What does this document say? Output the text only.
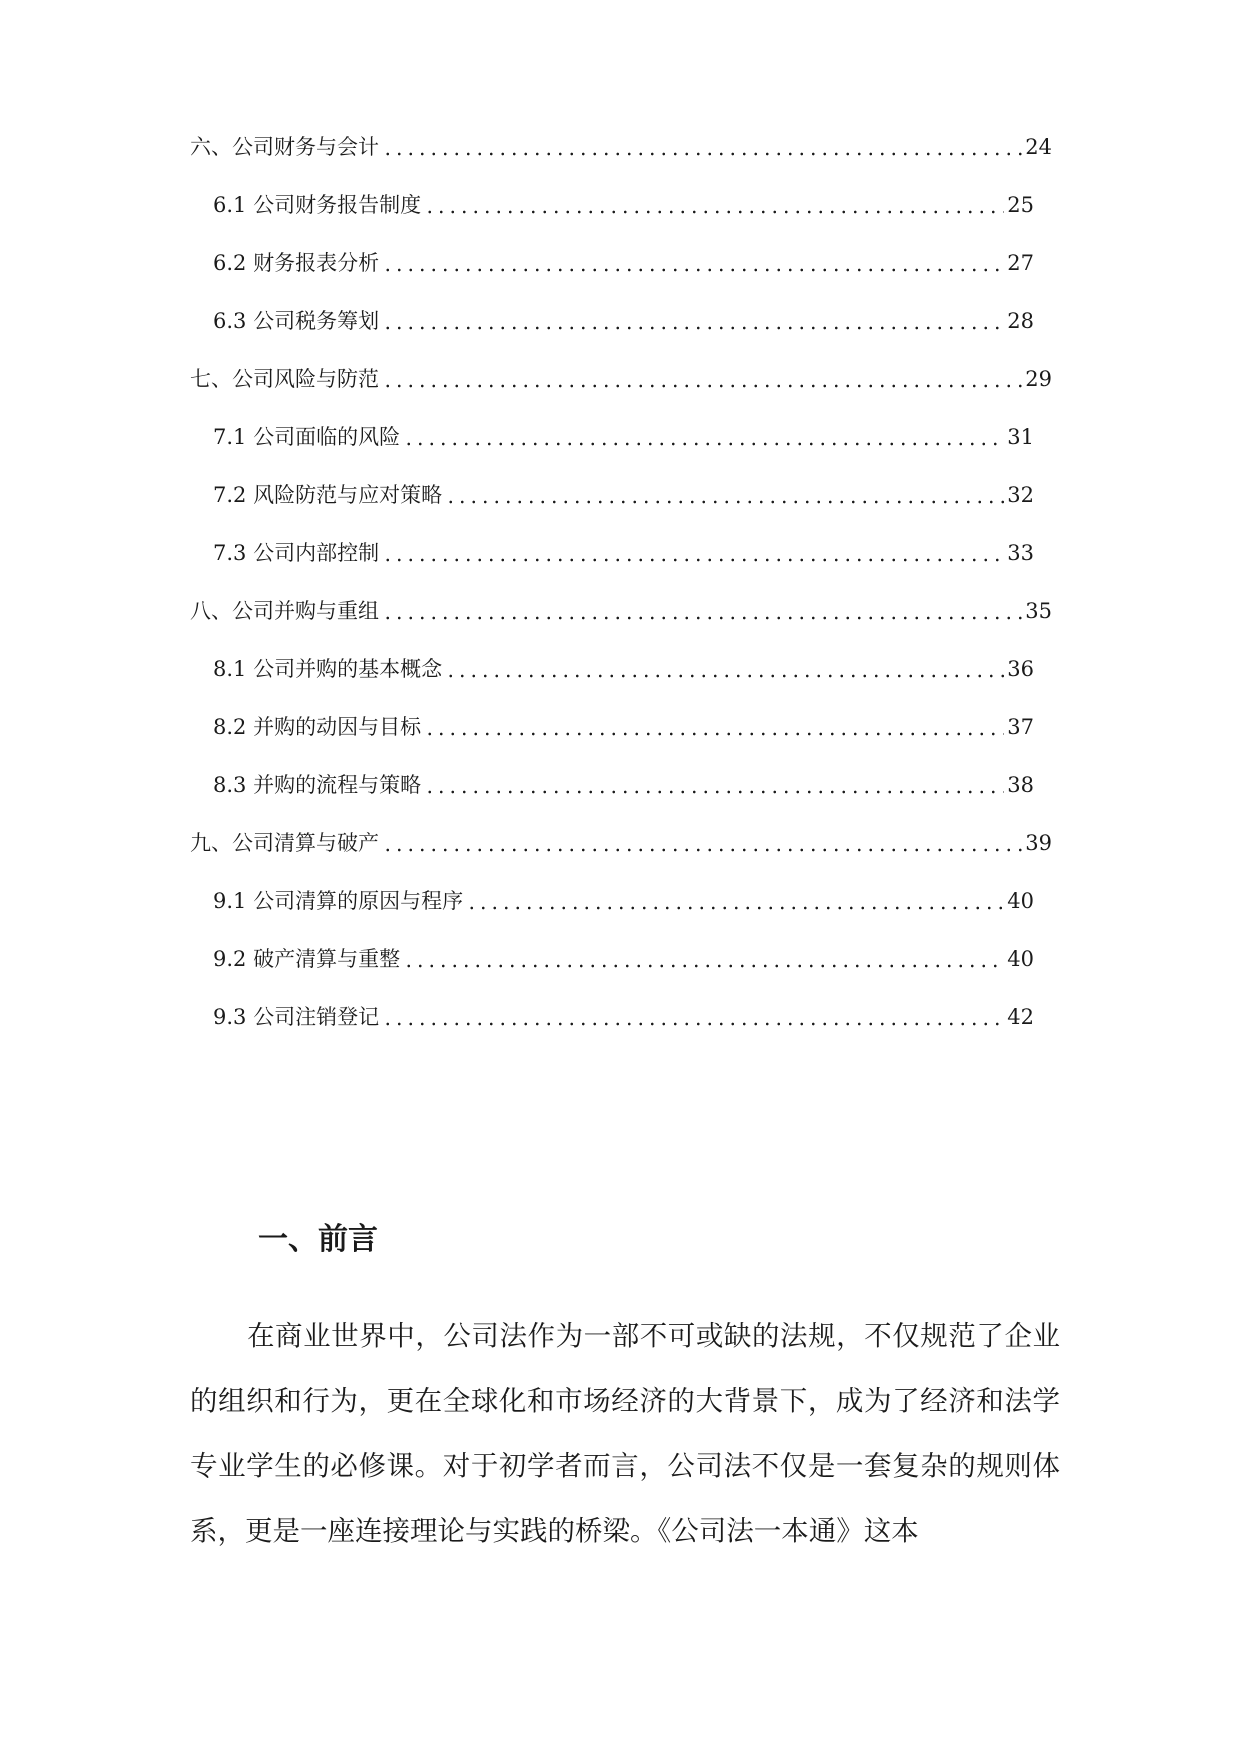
六、公司财务与会计	24
6.1 公司财务报告制度	25
6.2 财务报表分析	27
6.3 公司税务筹划	28
七、公司风险与防范	29
7.1 公司面临的风险	31
7.2 风险防范与应对策略	32
7.3 公司内部控制	33
八、公司并购与重组	35
8.1 公司并购的基本概念	36
8.2 并购的动因与目标	37
8.3 并购的流程与策略	38
九、公司清算与破产	39
9.1 公司清算的原因与程序	40
9.2 破产清算与重整	40
9.3 公司注销登记	42
一、前言

在商业世界中，公司法作为一部不可或缺的法规，不仅规范了企业的组织和行为，更在全球化和市场经济的大背景下，成为了经济和法学专业学生的必修课。对于初学者而言，公司法不仅是一套复杂的规则体系，更是一座连接理论与实践的桥梁。《公司法一本通》这本
